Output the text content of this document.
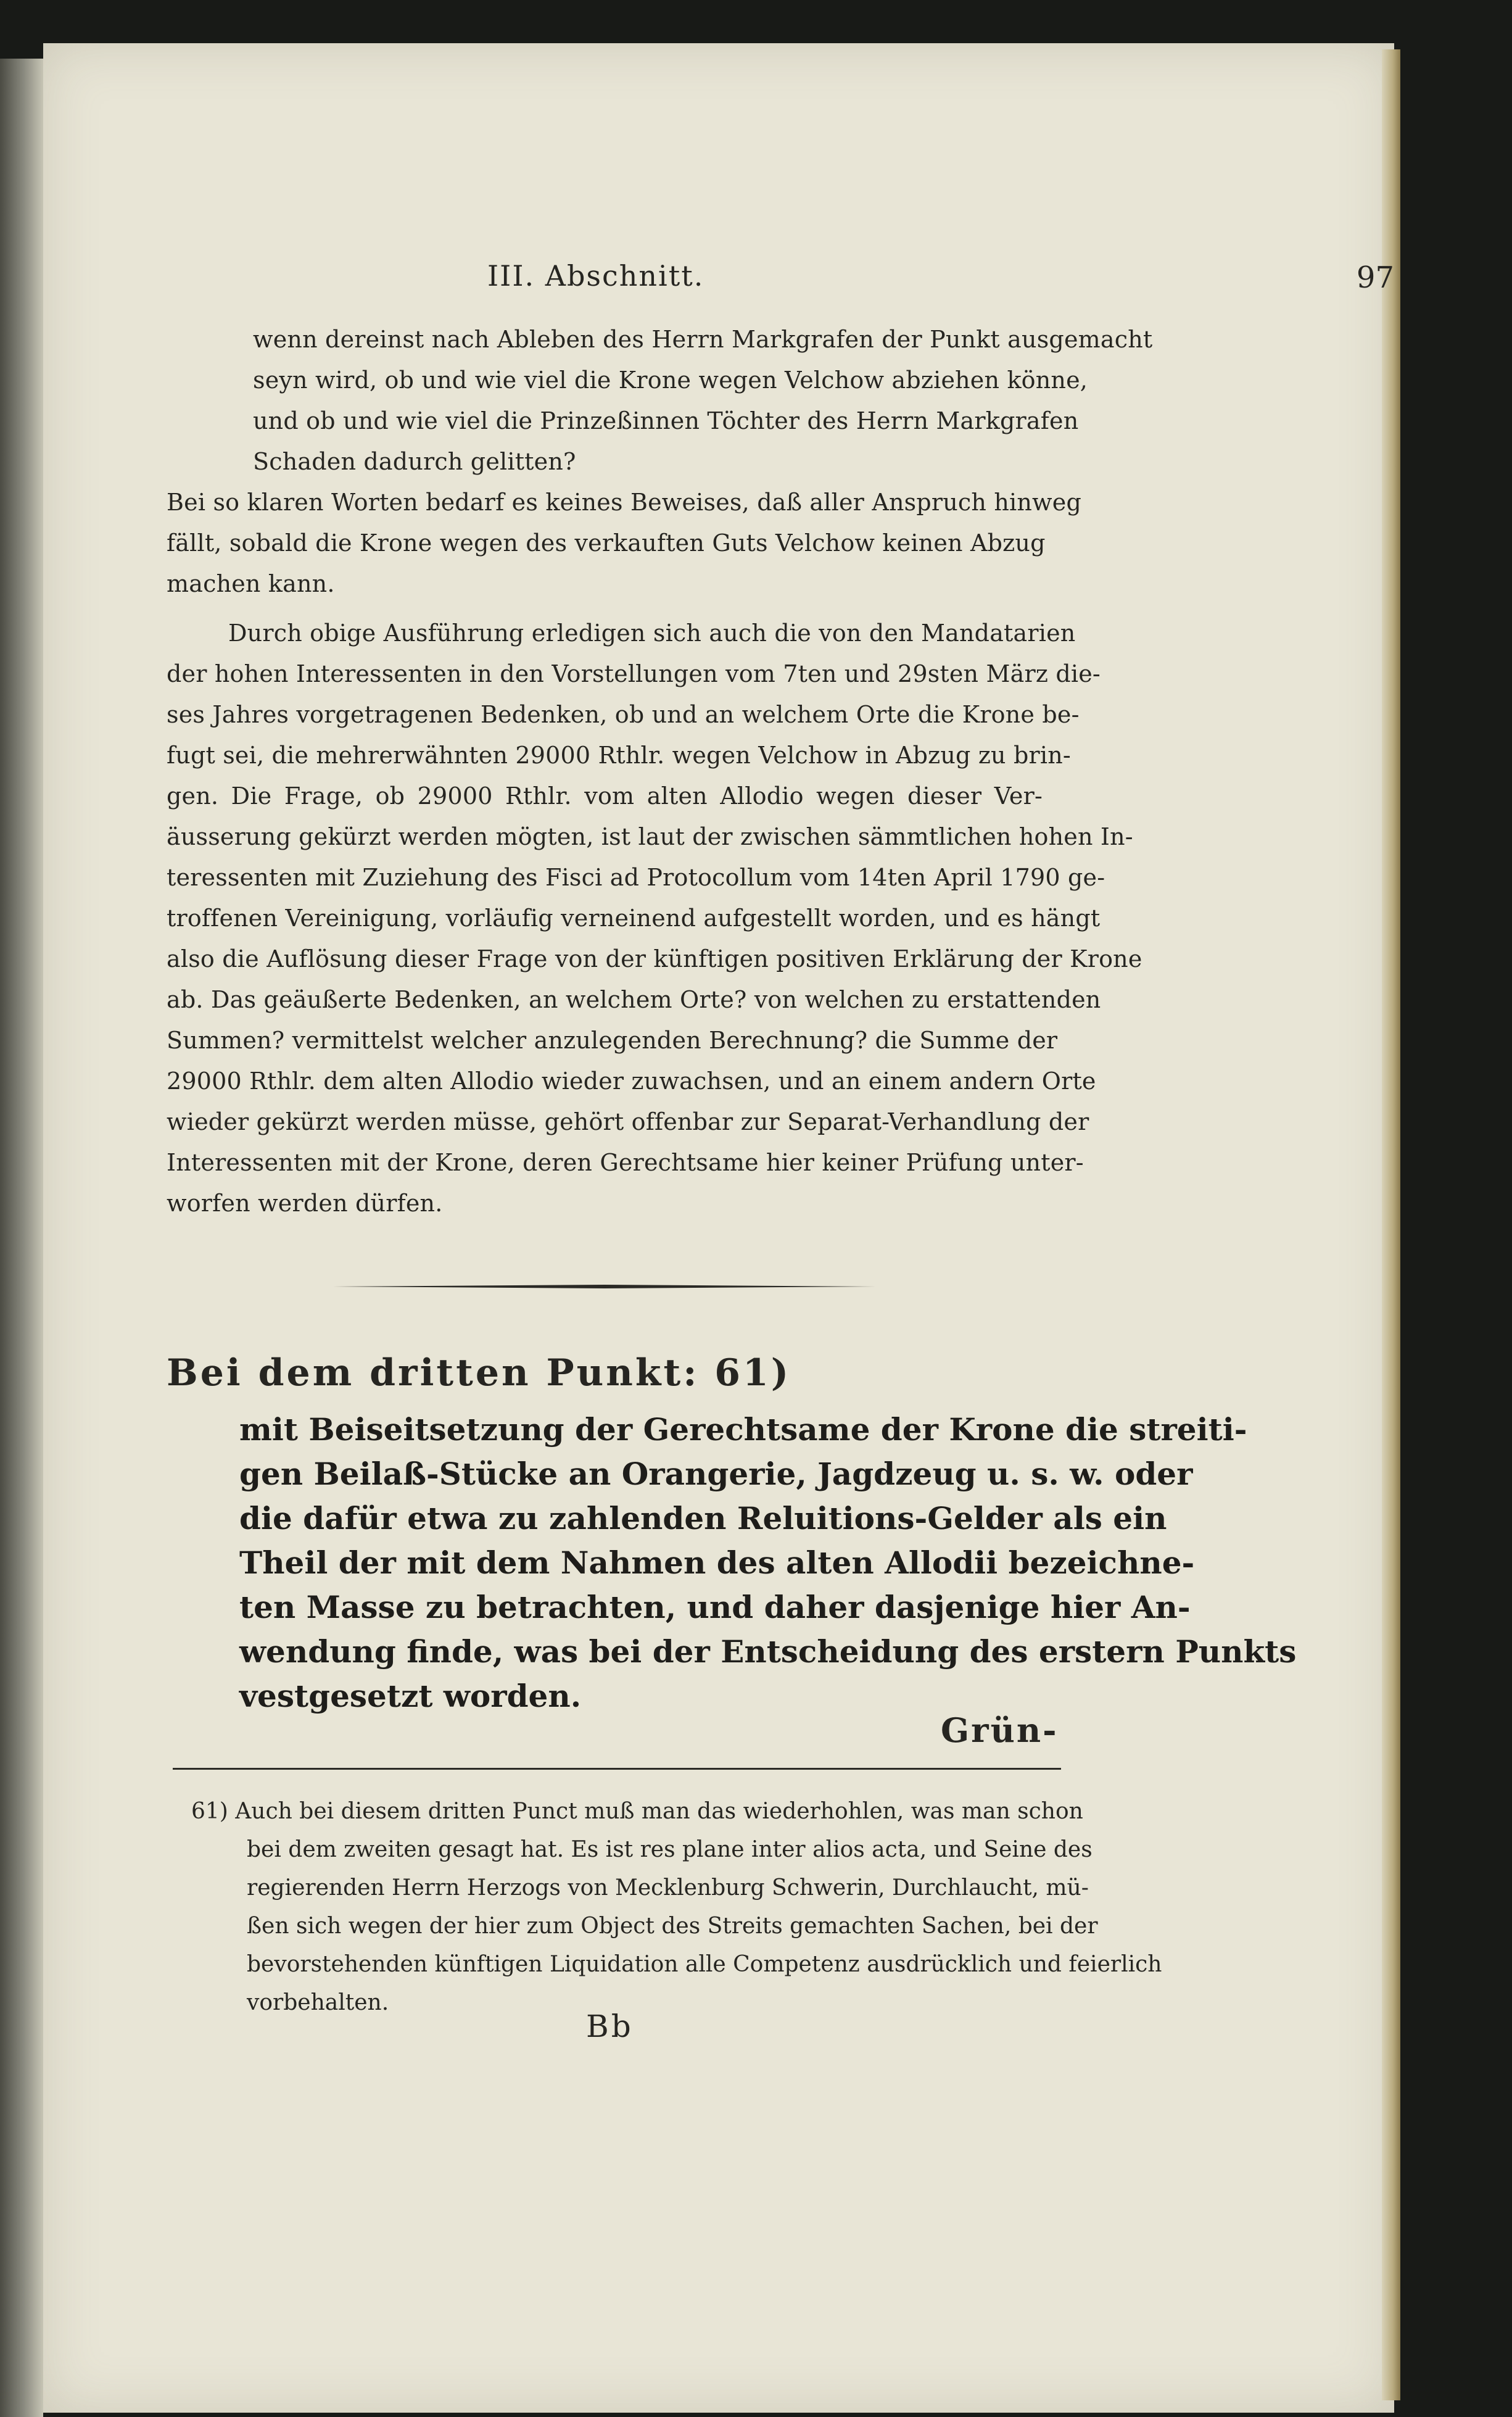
III. Abschnitt.	97
wenn dereinst nach Ableben des Herrn Markgrafen der Punkt ausgemacht
seyn wird, ob und wie viel die Krone wegen Velchow abziehen könne,
und ob und wie viel die Prinzeßinnen Töchter des Herrn Markgrafen
Schaden dadurch gelitten?
Bei so klaren Worten bedarf es keines Beweises, daß aller Anspruch hinweg
fällt, sobald die Krone wegen des verkauften Guts Velchow keinen Abzug
machen kann.
Durch obige Ausführung erledigen sich auch die von den Mandatarien
der hohen Interessenten in den Vorstellungen vom 7ten und 29sten März die-
ses Jahres vorgetragenen Bedenken, ob und an welchem Orte die Krone be-
fugt sei, die mehrerwähnten 29000 Rthlr. wegen Velchow in Abzug zu brin-
gen. Die Frage, ob 29000 Rthlr. vom alten Allodio wegen dieser Ver-
äusserung gekürzt werden mögten, ist laut der zwischen sämmtlichen hohen In-
teressenten mit Zuziehung des Fisci ad Protocollum vom 14ten April 1790 ge-
troffenen Vereinigung, vorläufig verneinend aufgestellt worden, und es hängt
also die Auflösung dieser Frage von der künftigen positiven Erklärung der Krone
ab. Das geäußerte Bedenken, an welchem Orte? von welchen zu erstattenden
Summen? vermittelst welcher anzulegenden Berechnung? die Summe der
29000 Rthlr. dem alten Allodio wieder zuwachsen, und an einem andern Orte
wieder gekürzt werden müsse, gehört offenbar zur Separat-Verhandlung der
Interessenten mit der Krone, deren Gerechtsame hier keiner Prüfung unter-
worfen werden dürfen.
Bei dem dritten Punkt: 61)
mit Beiseitsetzung der Gerechtsame der Krone die streiti-
gen Beilaß-Stücke an Orangerie, Jagdzeug u. s. w. oder
die dafür etwa zu zahlenden Reluitions-Gelder als ein
Theil der mit dem Nahmen des alten Allodii bezeichne-
ten Masse zu betrachten, und daher dasjenige hier An-
wendung finde, was bei der Entscheidung des erstern Punkts
vestgesetzt worden.
Grün-
61) Auch bei diesem dritten Punct muß man das wiederhohlen, was man schon
bei dem zweiten gesagt hat. Es ist res plane inter alios acta, und Seine des
regierenden Herrn Herzogs von Mecklenburg Schwerin, Durchlaucht, mü-
ßen sich wegen der hier zum Object des Streits gemachten Sachen, bei der
bevorstehenden künftigen Liquidation alle Competenz ausdrücklich und feierlich
vorbehalten.
Bb
